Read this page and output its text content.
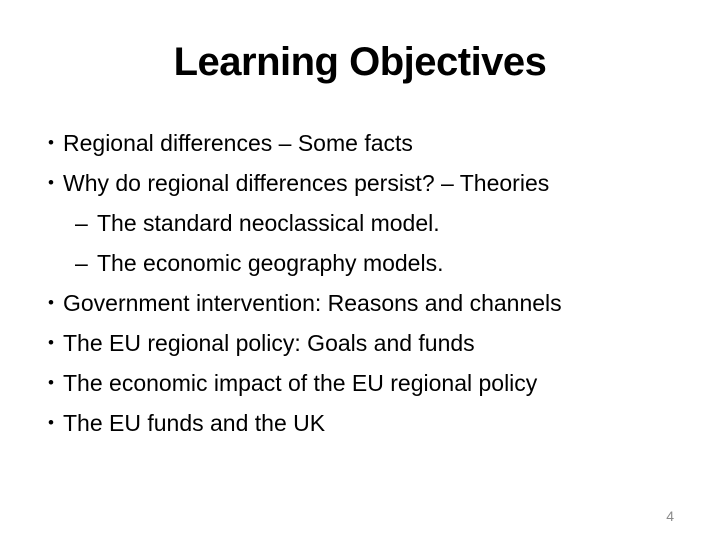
Learning Objectives
• Regional differences – Some facts
• Why do regional differences persist? – Theories
– The standard neoclassical model.
– The economic geography models.
• Government intervention: Reasons and channels
• The EU regional policy: Goals and funds
• The economic impact of the EU regional policy
• The EU funds and the UK
4
